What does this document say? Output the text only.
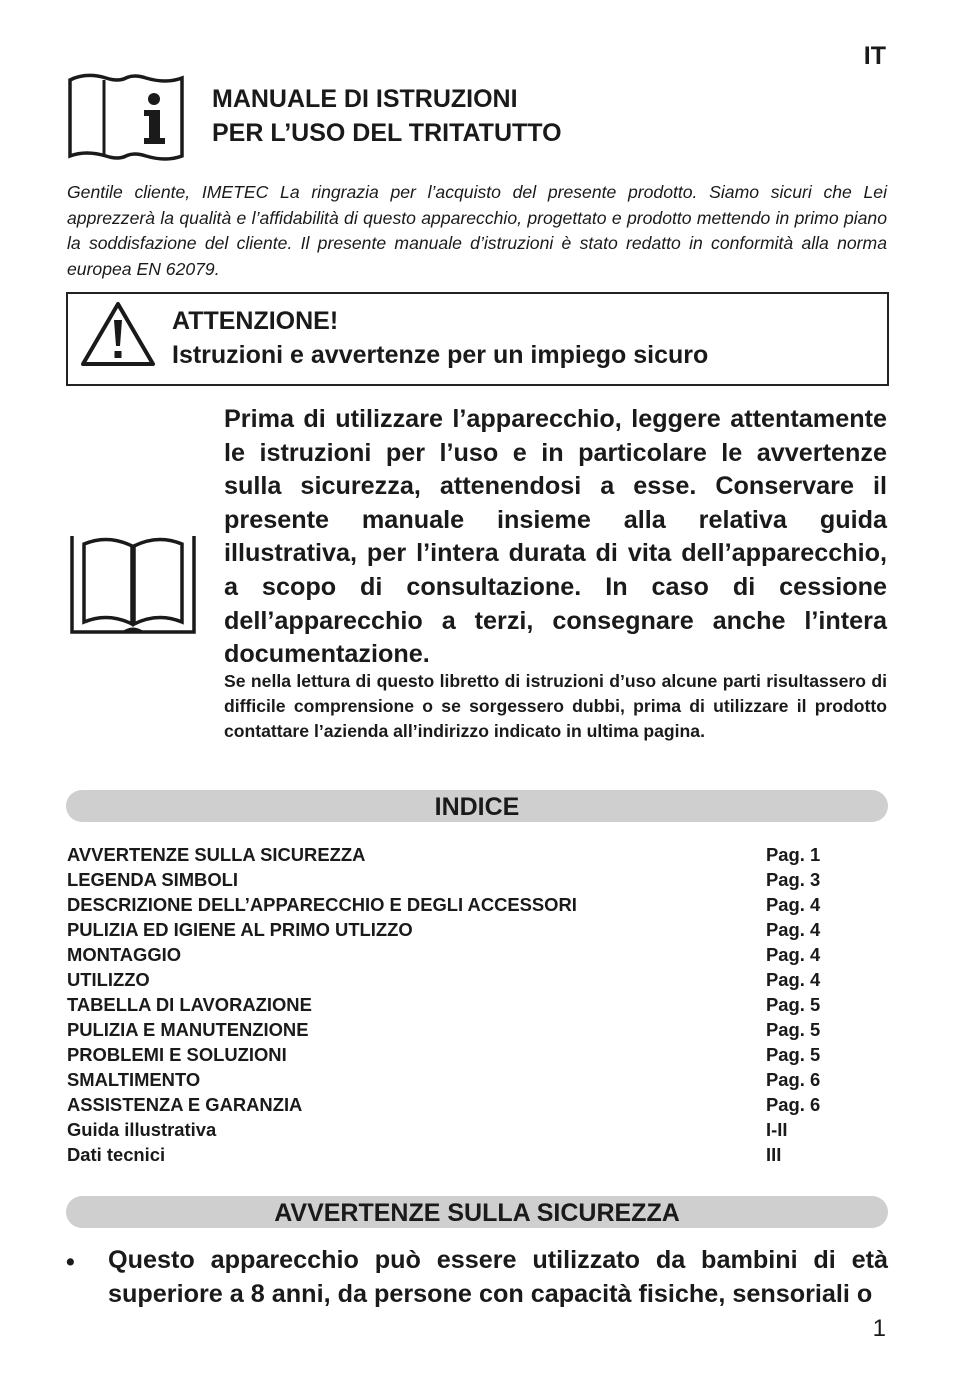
IT
MANUALE DI ISTRUZIONI
PER L’USO DEL TRITATUTTO
Gentile cliente, IMETEC La ringrazia per l’acquisto del presente prodotto. Siamo sicuri che Lei apprezzerà la qualità e l’affidabilità di questo apparecchio, progettato e prodotto mettendo in primo piano la soddisfazione del cliente. Il presente manuale d’istruzioni è stato redatto in conformità alla norma europea EN 62079.
ATTENZIONE!
Istruzioni e avvertenze per un impiego sicuro
Prima di utilizzare l’apparecchio, leggere attentamente le istruzioni per l’uso e in particolare le avvertenze sulla sicurezza, attenendosi a esse. Conservare il presente manuale insieme alla relativa guida illustrativa, per l’intera durata di vita dell’apparecchio, a scopo di consultazione. In caso di cessione dell’apparecchio a terzi, consegnare anche l’intera documentazione.
Se nella lettura di questo libretto di istruzioni d’uso alcune parti risultassero di difficile comprensione o se sorgessero dubbi, prima di utilizzare il prodotto contattare l’azienda all’indirizzo indicato in ultima pagina.
INDICE
AVVERTENZE SULLA SICUREZZA	Pag. 1
LEGENDA SIMBOLI	Pag. 3
DESCRIZIONE DELL’APPARECCHIO E DEGLI ACCESSORI	Pag. 4
PULIZIA ED IGIENE AL PRIMO UTLIZZO	Pag. 4
MONTAGGIO	Pag. 4
UTILIZZO	Pag. 4
TABELLA DI LAVORAZIONE	Pag. 5
PULIZIA E MANUTENZIONE	Pag. 5
PROBLEMI E SOLUZIONI	Pag. 5
SMALTIMENTO	Pag. 6
ASSISTENZA E GARANZIA	Pag. 6
Guida illustrativa	I-II
Dati tecnici	III
AVVERTENZE SULLA SICUREZZA
• Questo apparecchio può essere utilizzato da bambini di età superiore a 8 anni, da persone con capacità fisiche, sensoriali o
1
